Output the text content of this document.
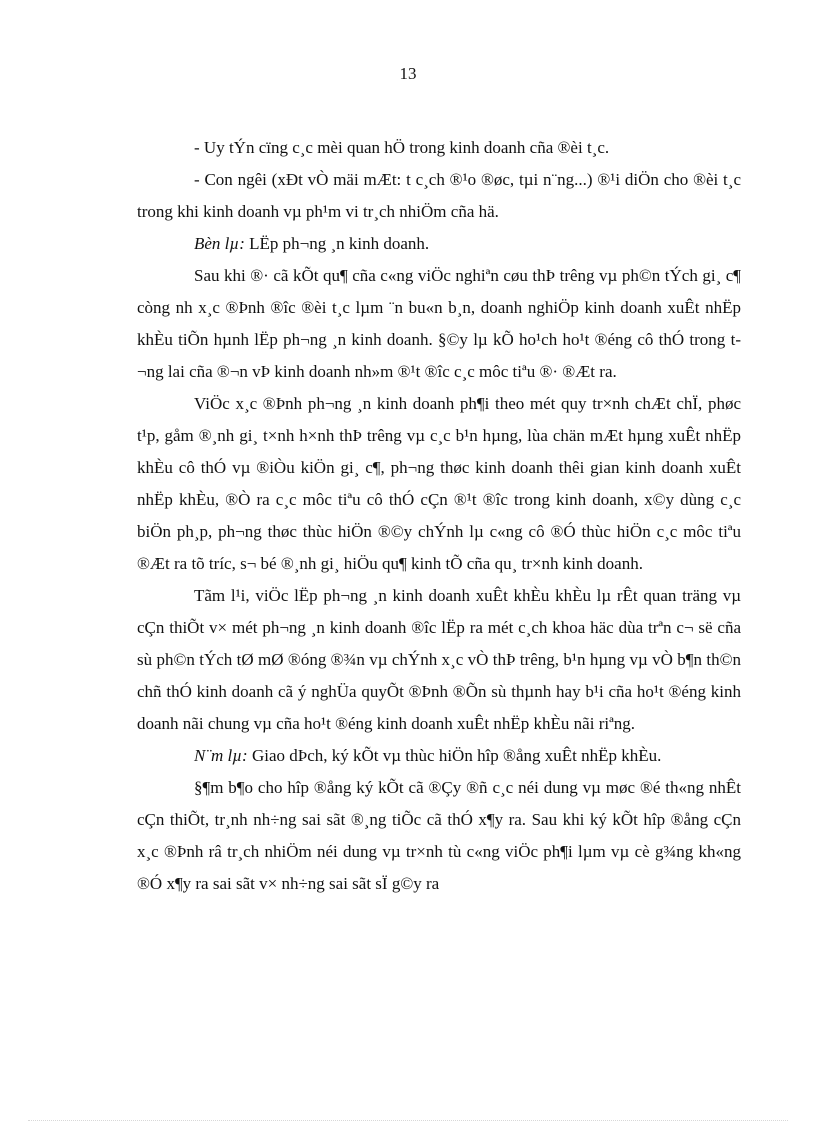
13

- Uy tÝn cïng c¸c mèi quan hÖ trong kinh doanh cña ®èi t¸c.

- Con ngêi (xÐt vÒ mäi mÆt: t c¸ch ®¹o ®øc, tµi n¨ng...) ®¹i diÖn cho ®èi t¸c trong khi kinh doanh vµ ph¹m vi tr¸ch nhiÖm cña hä.

Bèn lµ: LËp ph¬ng ¸n kinh doanh.

Sau khi ®· cã kÕt qu¶ cña c«ng viÖc nghiªn cøu thÞ trêng vµ ph©n tÝch gi¸ c¶ còng nh x¸c ®Þnh ®îc ®èi t¸c lµm ¨n bu«n b¸n, doanh nghiÖp kinh doanh xuÊt nhËp khÈu tiÕn hµnh lËp ph¬ng ¸n kinh doanh. §©y lµ kÕ ho¹ch ho¹t ®éng cô thÓ trong t¬ng lai cña ®¬n vÞ kinh doanh nh»m ®¹t ®îc c¸c môc tiªu ®· ®Æt ra.

ViÖc x¸c ®Þnh ph¬ng ¸n kinh doanh ph¶i theo mét quy tr×nh chÆt chÏ, phøc t¹p, gåm ®¸nh gi¸ t×nh h×nh thÞ trêng vµ c¸c b¹n hµng, lùa chän mÆt hµng xuÊt nhËp khÈu cô thÓ vµ ®iÒu kiÖn gi¸ c¶, ph¬ng thøc kinh doanh thêi gian kinh doanh xuÊt nhËp khÈu, ®Ò ra c¸c môc tiªu cô thÓ cÇn ®¹t ®îc trong kinh doanh, x©y dùng c¸c biÖn ph¸p, ph¬ng thøc thùc hiÖn ®©y chÝnh lµ c«ng cô ®Ó thùc hiÖn c¸c môc tiªu ®Æt ra tõ tríc, s¬ bé ®¸nh gi¸ hiÖu qu¶ kinh tÕ cña qu¸ tr×nh kinh doanh.

Tãm l¹i, viÖc lËp ph¬ng ¸n kinh doanh xuÊt khÈu khÈu lµ rÊt quan träng vµ cÇn thiÕt v× mét ph¬ng ¸n kinh doanh ®îc lËp ra mét c¸ch khoa häc dùa trªn c¬ së cña sù ph©n tÝch tØ mØ ®óng ®¾n vµ chÝnh x¸c vÒ thÞ trêng, b¹n hµng vµ vÒ b¶n th©n chñ thÓ kinh doanh cã ý nghÜa quyÕt ®Þnh ®Õn sù thµnh hay b¹i cña ho¹t ®éng kinh doanh nãi chung vµ cña ho¹t ®éng kinh doanh xuÊt nhËp khÈu nãi riªng.

N¨m lµ: Giao dÞch, ký kÕt vµ thùc hiÖn hîp ®ång xuÊt nhËp khÈu.

§¶m b¶o cho hîp ®ång ký kÕt cã ®Çy ®ñ c¸c néi dung vµ møc ®é th«ng nhÊt cÇn thiÕt, tr¸nh nh÷ng sai sãt ®¸ng tiÕc cã thÓ x¶y ra. Sau khi ký kÕt hîp ®ång cÇn x¸c ®Þnh râ tr¸ch nhiÖm néi dung vµ tr×nh tù c«ng viÖc ph¶i lµm vµ cè g¾ng kh«ng ®Ó x¶y ra sai sãt v× nh÷ng sai sãt sÏ g©y ra
